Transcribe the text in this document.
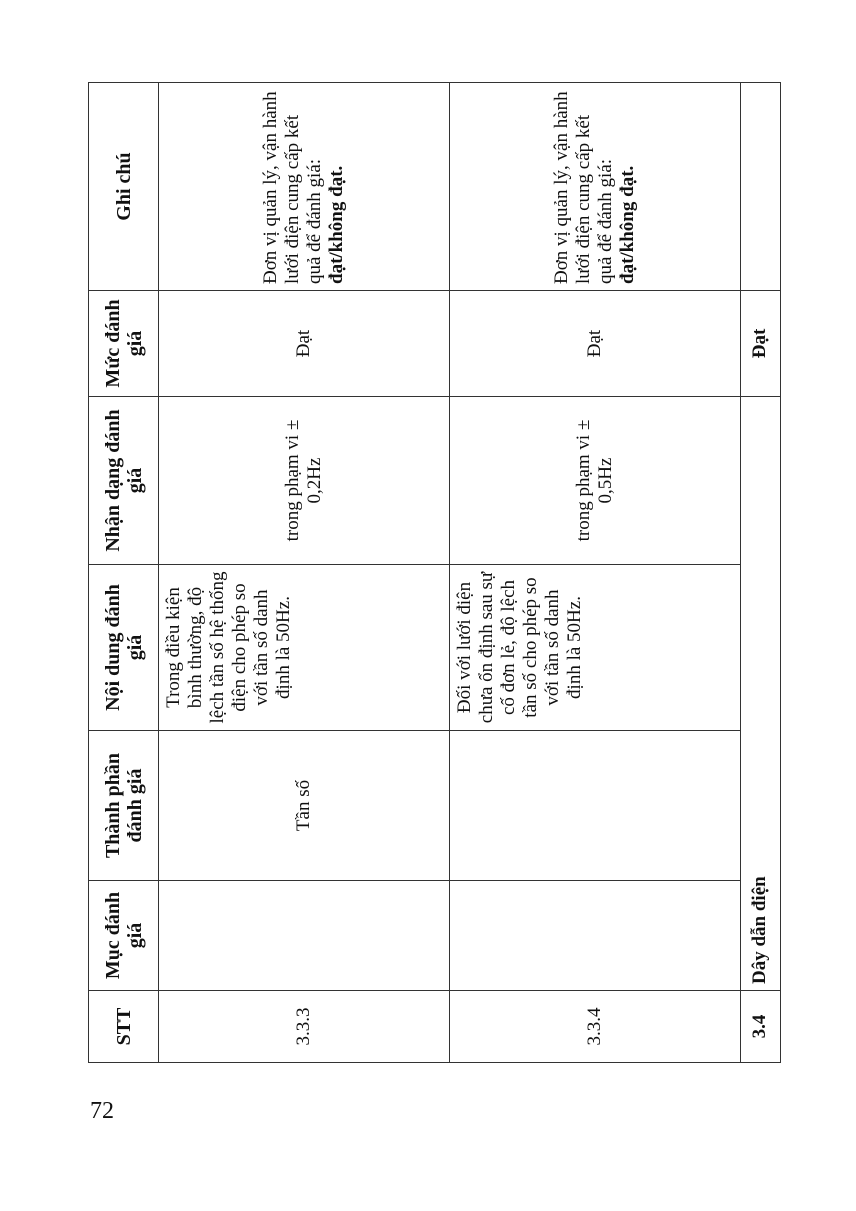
72
STT	Mục đánh giá	Thành phần đánh giá	Nội dung đánh giá	Nhận dạng đánh giá	Mức đánh giá	Ghi chú
3.3.3		Tần số	Trong điều kiện bình thường, độ lệch tần số hệ thống điện cho phép so với tần số danh định là 50Hz.	trong phạm vi ± 0,2Hz	Đạt	Đơn vị quản lý, vận hành lưới điện cung cấp kết quả để đánh giá: đạt/không đạt.
3.3.4			Đối với lưới điện chưa ổn định sau sự cố đơn lẻ, độ lệch tần số cho phép so với tần số danh định là 50Hz.	trong phạm vi ± 0,5Hz	Đạt	Đơn vị quản lý, vận hành lưới điện cung cấp kết quả để đánh giá: đạt/không đạt.
3.4	Dây dẫn điện				Đạt	
